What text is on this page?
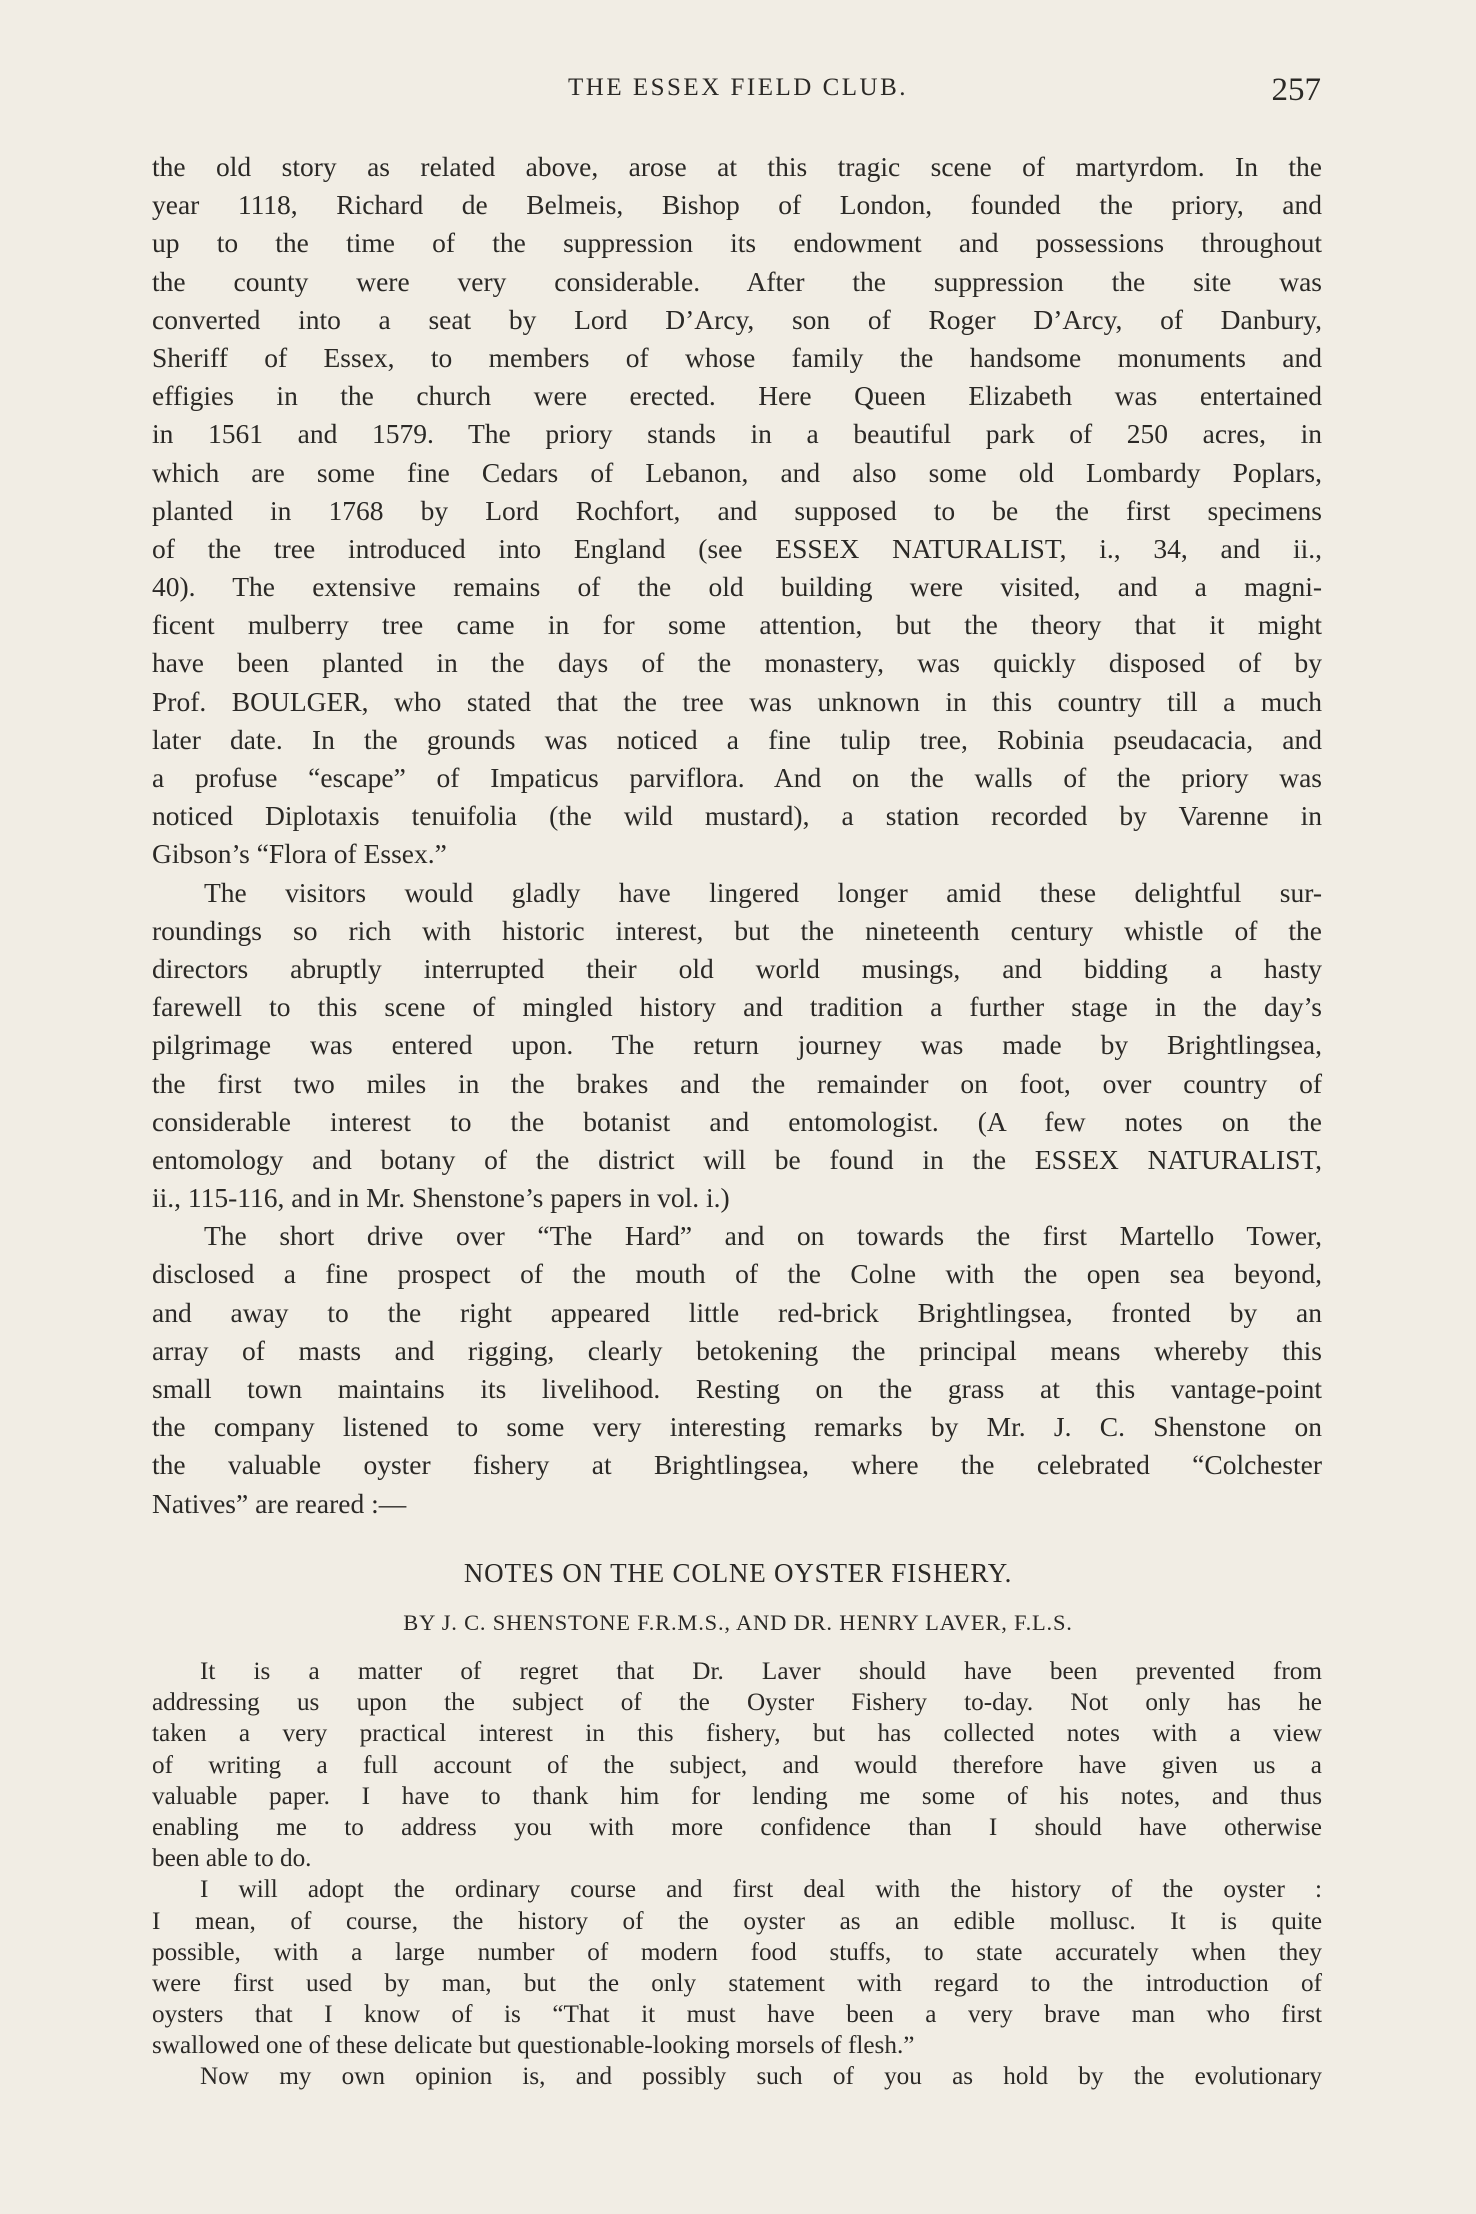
THE ESSEX FIELD CLUB.	257
the old story as related above, arose at this tragic scene of martyrdom. In the
year 1118, Richard de Belmeis, Bishop of London, founded the priory, and
up to the time of the suppression its endowment and possessions throughout
the county were very considerable. After the suppression the site was
converted into a seat by Lord D’Arcy, son of Roger D’Arcy, of Danbury,
Sheriff of Essex, to members of whose family the handsome monuments and
effigies in the church were erected. Here Queen Elizabeth was entertained
in 1561 and 1579. The priory stands in a beautiful park of 250 acres, in
which are some fine Cedars of Lebanon, and also some old Lombardy Poplars,
planted in 1768 by Lord Rochfort, and supposed to be the first specimens
of the tree introduced into England (see ESSEX NATURALIST, i., 34, and ii.,
40). The extensive remains of the old building were visited, and a magni-
ficent mulberry tree came in for some attention, but the theory that it might
have been planted in the days of the monastery, was quickly disposed of by
Prof. BOULGER, who stated that the tree was unknown in this country till a much
later date. In the grounds was noticed a fine tulip tree, Robinia pseudacacia, and
a profuse “escape” of Impaticus parviflora. And on the walls of the priory was
noticed Diplotaxis tenuifolia (the wild mustard), a station recorded by Varenne in
Gibson’s “Flora of Essex.”
The visitors would gladly have lingered longer amid these delightful sur-
roundings so rich with historic interest, but the nineteenth century whistle of the
directors abruptly interrupted their old world musings, and bidding a hasty
farewell to this scene of mingled history and tradition a further stage in the day’s
pilgrimage was entered upon. The return journey was made by Brightlingsea,
the first two miles in the brakes and the remainder on foot, over country of
considerable interest to the botanist and entomologist. (A few notes on the
entomology and botany of the district will be found in the ESSEX NATURALIST,
ii., 115-116, and in Mr. Shenstone’s papers in vol. i.)
The short drive over “The Hard” and on towards the first Martello Tower,
disclosed a fine prospect of the mouth of the Colne with the open sea beyond,
and away to the right appeared little red-brick Brightlingsea, fronted by an
array of masts and rigging, clearly betokening the principal means whereby this
small town maintains its livelihood. Resting on the grass at this vantage-point
the company listened to some very interesting remarks by Mr. J. C. Shenstone on
the valuable oyster fishery at Brightlingsea, where the celebrated “Colchester
Natives” are reared :—
NOTES ON THE COLNE OYSTER FISHERY.
BY J. C. SHENSTONE F.R.M.S., AND DR. HENRY LAVER, F.L.S.
It is a matter of regret that Dr. Laver should have been prevented from
addressing us upon the subject of the Oyster Fishery to-day. Not only has he
taken a very practical interest in this fishery, but has collected notes with a view
of writing a full account of the subject, and would therefore have given us a
valuable paper. I have to thank him for lending me some of his notes, and thus
enabling me to address you with more confidence than I should have otherwise
been able to do.
I will adopt the ordinary course and first deal with the history of the oyster :
I mean, of course, the history of the oyster as an edible mollusc. It is quite
possible, with a large number of modern food stuffs, to state accurately when they
were first used by man, but the only statement with regard to the introduction of
oysters that I know of is “That it must have been a very brave man who first
swallowed one of these delicate but questionable-looking morsels of flesh.”
Now my own opinion is, and possibly such of you as hold by the evolutionary
